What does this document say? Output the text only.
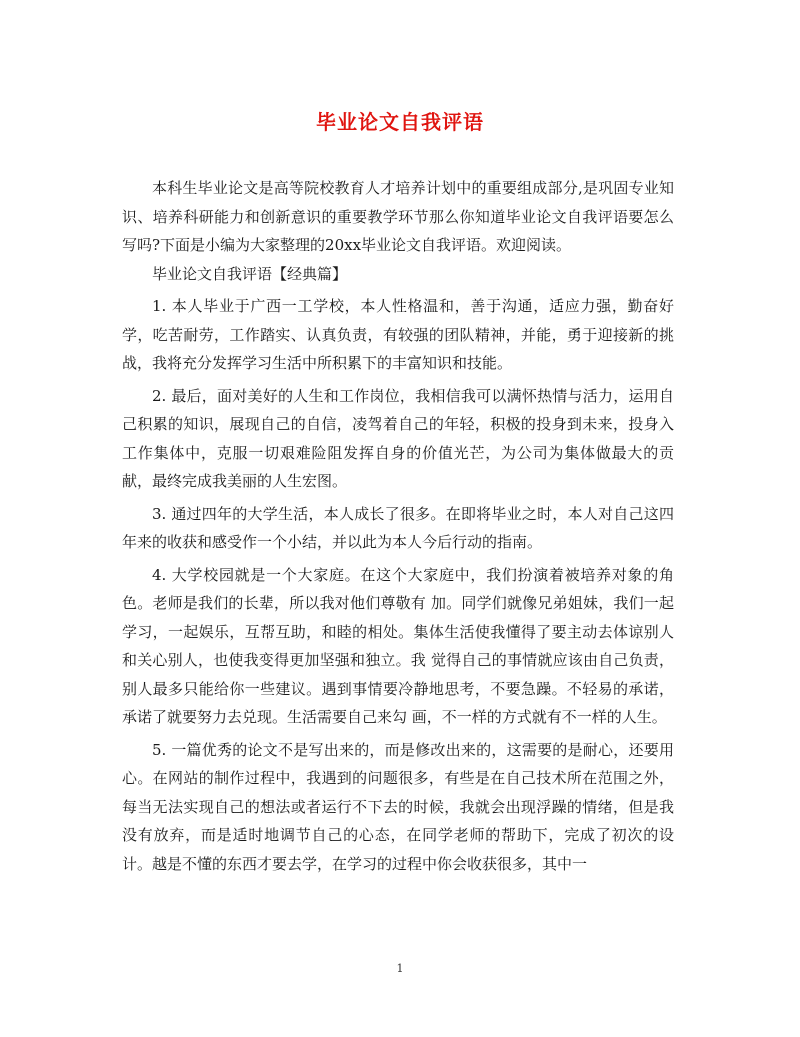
毕业论文自我评语

本科生毕业论文是高等院校教育人才培养计划中的重要组成部分,是巩固专业知识、培养科研能力和创新意识的重要教学环节那么你知道毕业论文自我评语要怎么写吗?下面是小编为大家整理的20xx毕业论文自我评语。欢迎阅读。

毕业论文自我评语【经典篇】

1. 本人毕业于广西一工学校，本人性格温和，善于沟通，适应力强，勤奋好学，吃苦耐劳，工作踏实、认真负责，有较强的团队精神，并能，勇于迎接新的挑战，我将充分发挥学习生活中所积累下的丰富知识和技能。

2. 最后，面对美好的人生和工作岗位，我相信我可以满怀热情与活力，运用自己积累的知识，展现自己的自信，凌驾着自己的年轻，积极的投身到未来，投身入工作集体中，克服一切艰难险阻发挥自身的价值光芒，为公司为集体做最大的贡献，最终完成我美丽的人生宏图。

3. 通过四年的大学生活，本人成长了很多。在即将毕业之时，本人对自己这四年来的收获和感受作一个小结，并以此为本人今后行动的指南。

4. 大学校园就是一个大家庭。在这个大家庭中，我们扮演着被培养对象的角色。老师是我们的长辈，所以我对他们尊敬有 加。同学们就像兄弟姐妹，我们一起学习，一起娱乐，互帮互助，和睦的相处。集体生活使我懂得了要主动去体谅别人和关心别人，也使我变得更加坚强和独立。我 觉得自己的事情就应该由自己负责，别人最多只能给你一些建议。遇到事情要冷静地思考，不要急躁。不轻易的承诺，承诺了就要努力去兑现。生活需要自己来勾 画，不一样的方式就有不一样的人生。

5. 一篇优秀的论文不是写出来的，而是修改出来的，这需要的是耐心，还要用心。在网站的制作过程中，我遇到的问题很多，有些是在自己技术所在范围之外，每当无法实现自己的想法或者运行不下去的时候，我就会出现浮躁的情绪，但是我没有放弃，而是适时地调节自己的心态，在同学老师的帮助下，完成了初次的设计。越是不懂的东西才要去学，在学习的过程中你会收获很多，其中一

1
